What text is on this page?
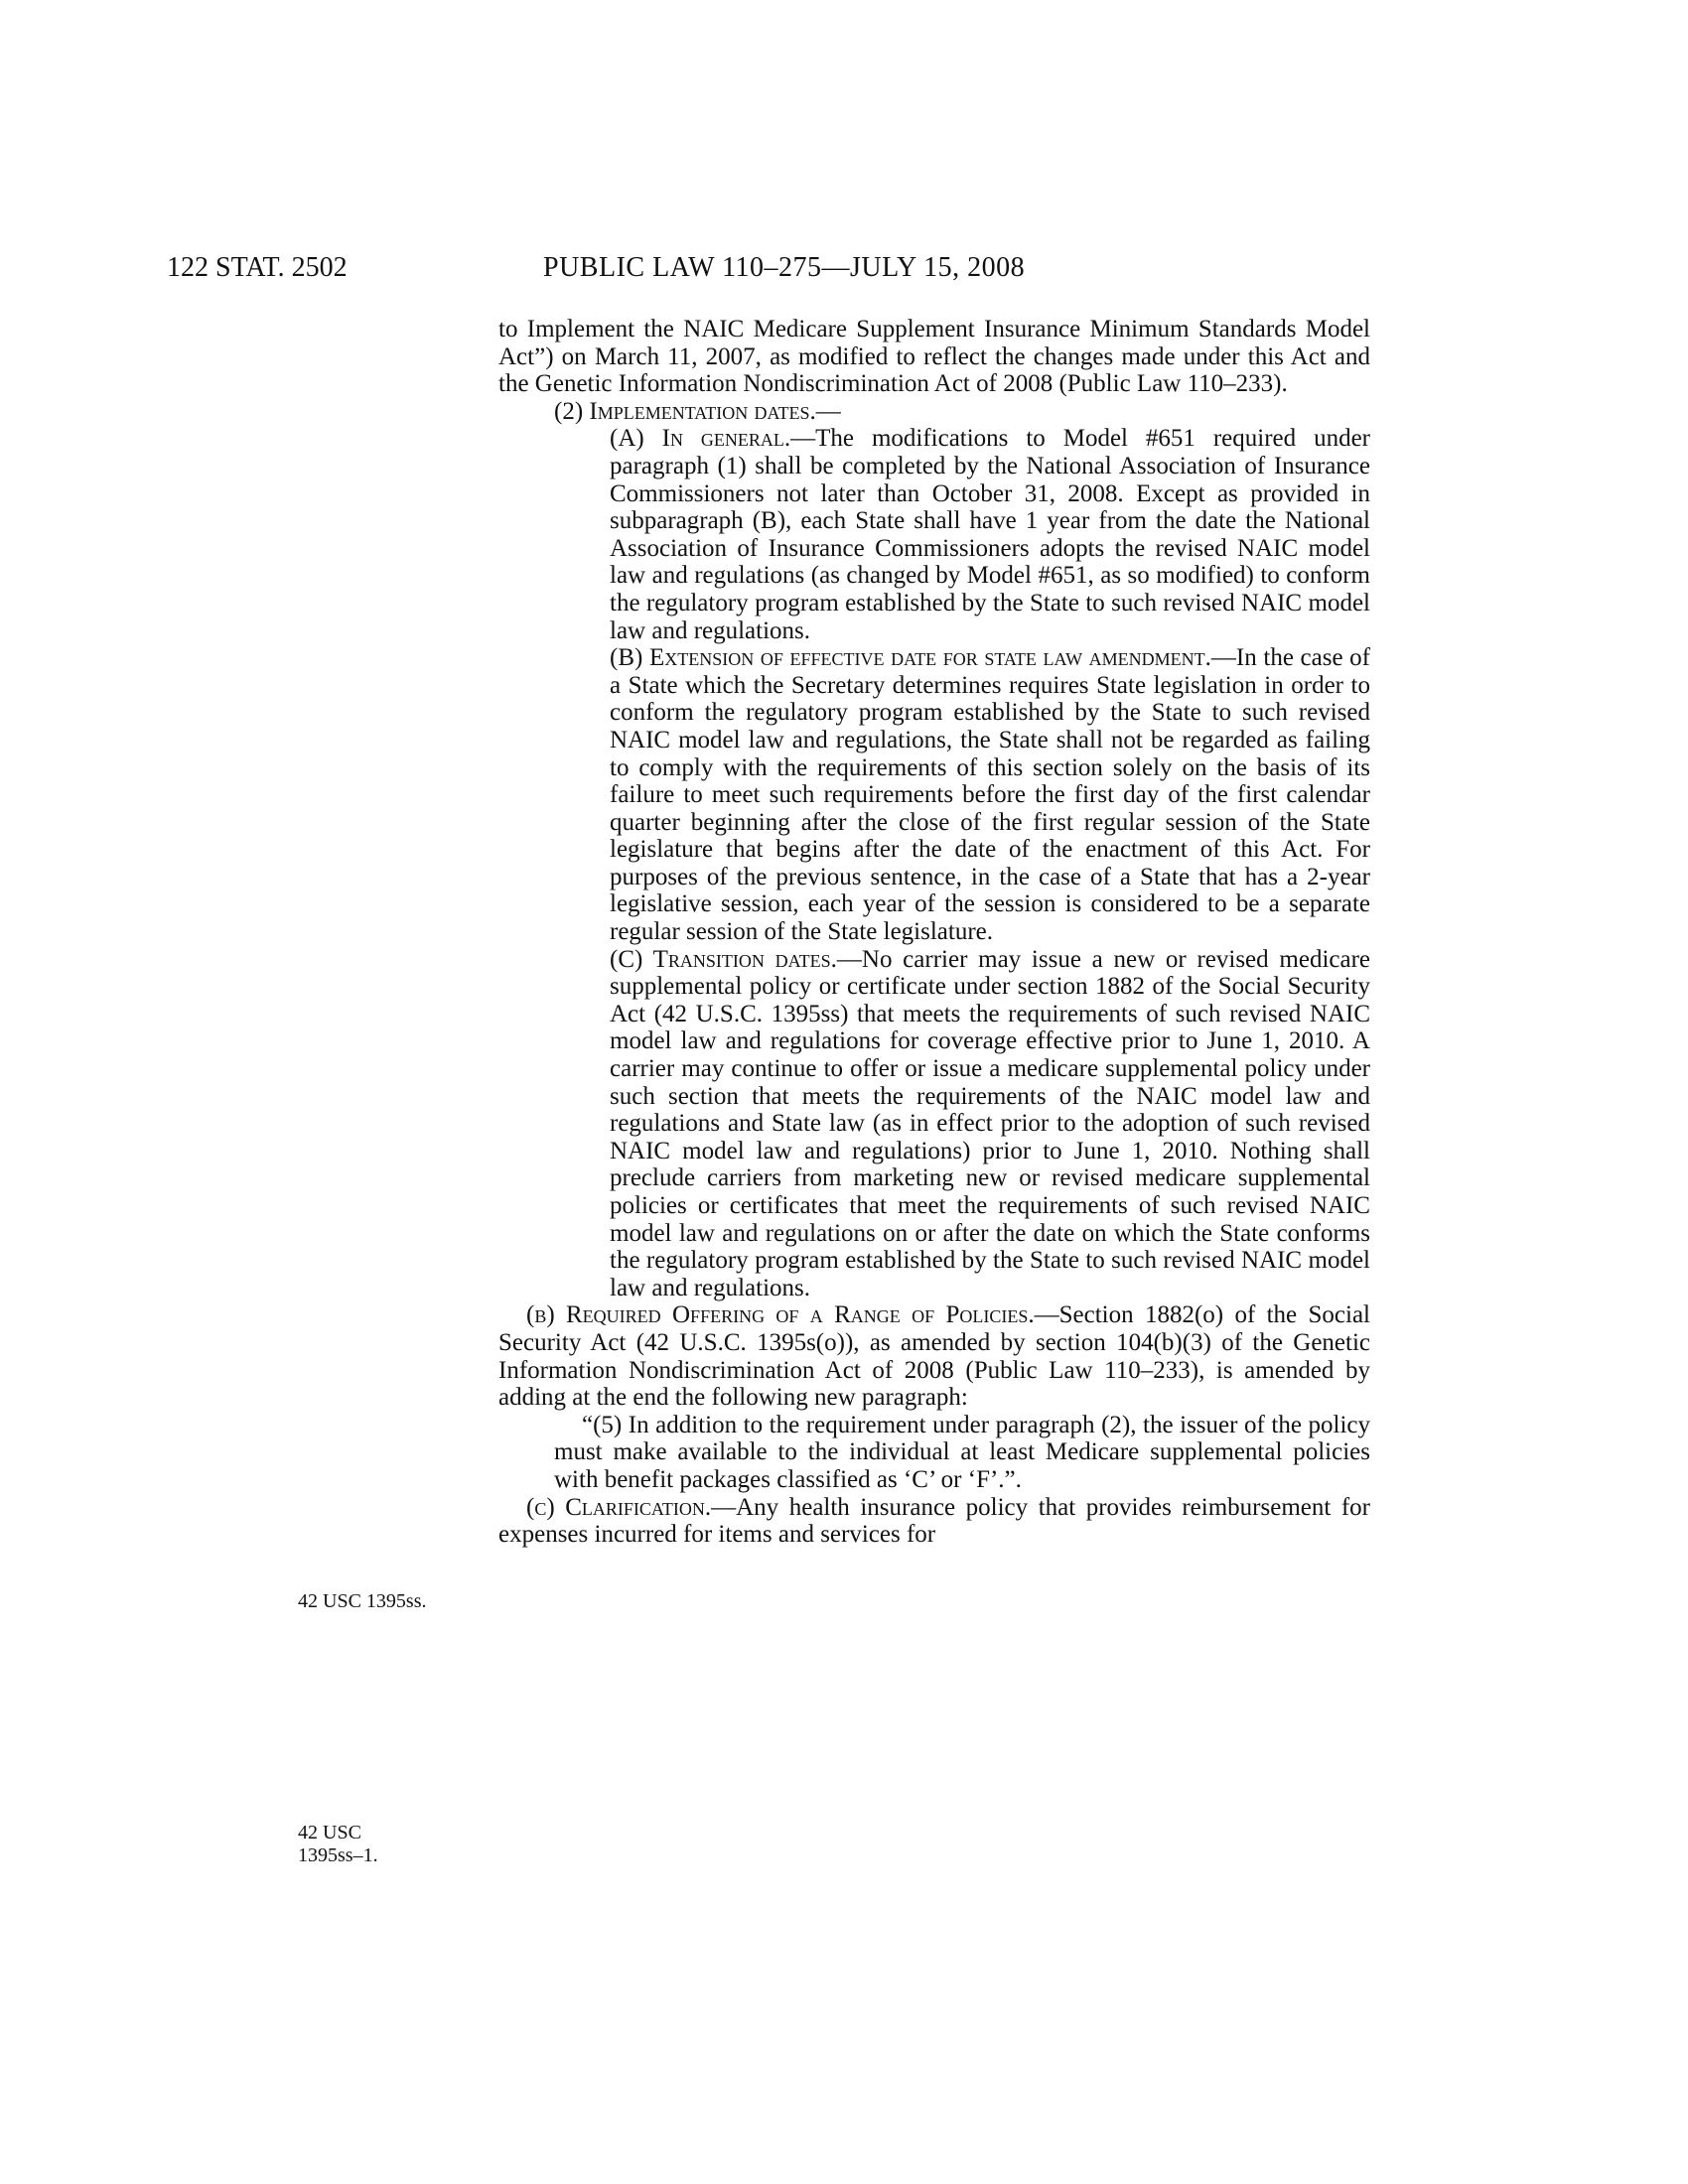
122 STAT. 2502	PUBLIC LAW 110–275—JULY 15, 2008
42 USC 1395ss.
42 USC
1395ss–1.

to Implement the NAIC Medicare Supplement Insurance Minimum Standards Model Act”) on March 11, 2007, as modified to reflect the changes made under this Act and the Genetic Information Nondiscrimination Act of 2008 (Public Law 110–233).

(2) Implementation dates.—

(A) In general.—The modifications to Model #651 required under paragraph (1) shall be completed by the National Association of Insurance Commissioners not later than October 31, 2008. Except as provided in subparagraph (B), each State shall have 1 year from the date the National Association of Insurance Commissioners adopts the revised NAIC model law and regulations (as changed by Model #651, as so modified) to conform the regulatory program established by the State to such revised NAIC model law and regulations.

(B) Extension of effective date for state law amendment.—In the case of a State which the Secretary determines requires State legislation in order to conform the regulatory program established by the State to such revised NAIC model law and regulations, the State shall not be regarded as failing to comply with the requirements of this section solely on the basis of its failure to meet such requirements before the first day of the first calendar quarter beginning after the close of the first regular session of the State legislature that begins after the date of the enactment of this Act. For purposes of the previous sentence, in the case of a State that has a 2-year legislative session, each year of the session is considered to be a separate regular session of the State legislature.

(C) Transition dates.—No carrier may issue a new or revised medicare supplemental policy or certificate under section 1882 of the Social Security Act (42 U.S.C. 1395ss) that meets the requirements of such revised NAIC model law and regulations for coverage effective prior to June 1, 2010. A carrier may continue to offer or issue a medicare supplemental policy under such section that meets the requirements of the NAIC model law and regulations and State law (as in effect prior to the adoption of such revised NAIC model law and regulations) prior to June 1, 2010. Nothing shall preclude carriers from marketing new or revised medicare supplemental policies or certificates that meet the requirements of such revised NAIC model law and regulations on or after the date on which the State conforms the regulatory program established by the State to such revised NAIC model law and regulations.

(b) Required Offering of a Range of Policies.—Section 1882(o) of the Social Security Act (42 U.S.C. 1395s(o)), as amended by section 104(b)(3) of the Genetic Information Nondiscrimination Act of 2008 (Public Law 110–233), is amended by adding at the end the following new paragraph:

“(5) In addition to the requirement under paragraph (2), the issuer of the policy must make available to the individual at least Medicare supplemental policies with benefit packages classified as ‘C’ or ‘F’.”.

(c) Clarification.—Any health insurance policy that provides reimbursement for expenses incurred for items and services for
